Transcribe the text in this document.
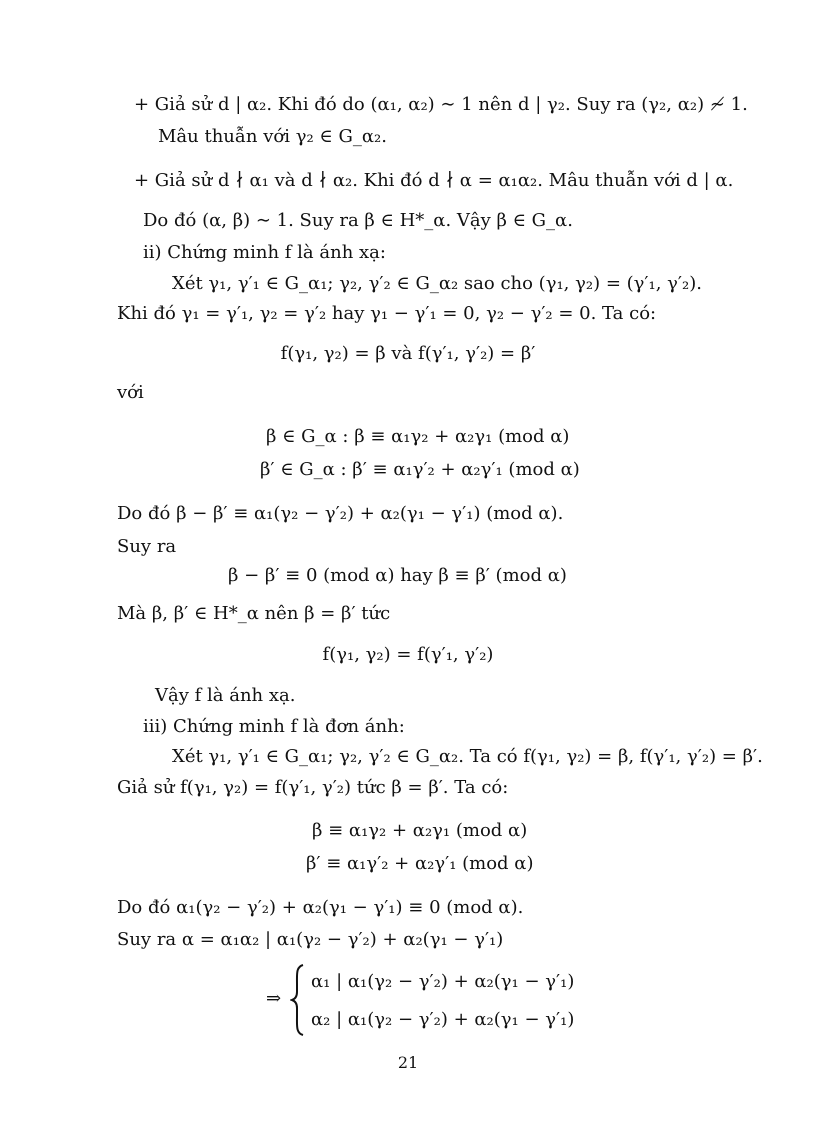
+ Giả sử d | α₂. Khi đó do (α₁, α₂) ∼ 1 nên d | γ₂. Suy ra (γ₂, α₂) ≁ 1.
Mâu thuẫn với γ₂ ∈ G_α₂.
+ Giả sử d ∤ α₁ và d ∤ α₂. Khi đó d ∤ α = α₁α₂. Mâu thuẫn với d | α.
Do đó (α, β) ∼ 1. Suy ra β ∈ H*_α. Vậy β ∈ G_α.
ii) Chứng minh f là ánh xạ:
Xét γ₁, γ′₁ ∈ G_α₁; γ₂, γ′₂ ∈ G_α₂ sao cho (γ₁, γ₂) = (γ′₁, γ′₂).
Khi đó γ₁ = γ′₁, γ₂ = γ′₂ hay γ₁ − γ′₁ = 0, γ₂ − γ′₂ = 0. Ta có:
f(γ₁, γ₂) = β và f(γ′₁, γ′₂) = β′
với
β ∈ G_α : β ≡ α₁γ₂ + α₂γ₁ (mod α)
β′ ∈ G_α : β′ ≡ α₁γ′₂ + α₂γ′₁ (mod α)
Do đó β − β′ ≡ α₁(γ₂ − γ′₂) + α₂(γ₁ − γ′₁) (mod α).
Suy ra
β − β′ ≡ 0 (mod α) hay β ≡ β′ (mod α)
Mà β, β′ ∈ H*_α nên β = β′ tức
f(γ₁, γ₂) = f(γ′₁, γ′₂)
Vậy f là ánh xạ.
iii) Chứng minh f là đơn ánh:
Xét γ₁, γ′₁ ∈ G_α₁; γ₂, γ′₂ ∈ G_α₂. Ta có f(γ₁, γ₂) = β, f(γ′₁, γ′₂) = β′.
Giả sử f(γ₁, γ₂) = f(γ′₁, γ′₂) tức β = β′. Ta có:
β ≡ α₁γ₂ + α₂γ₁ (mod α)
β′ ≡ α₁γ′₂ + α₂γ′₁ (mod α)
Do đó α₁(γ₂ − γ′₂) + α₂(γ₁ − γ′₁) ≡ 0 (mod α).
Suy ra α = α₁α₂ | α₁(γ₂ − γ′₂) + α₂(γ₁ − γ′₁)
⇒
α₁ | α₁(γ₂ − γ′₂) + α₂(γ₁ − γ′₁)
α₂ | α₁(γ₂ − γ′₂) + α₂(γ₁ − γ′₁)
21
